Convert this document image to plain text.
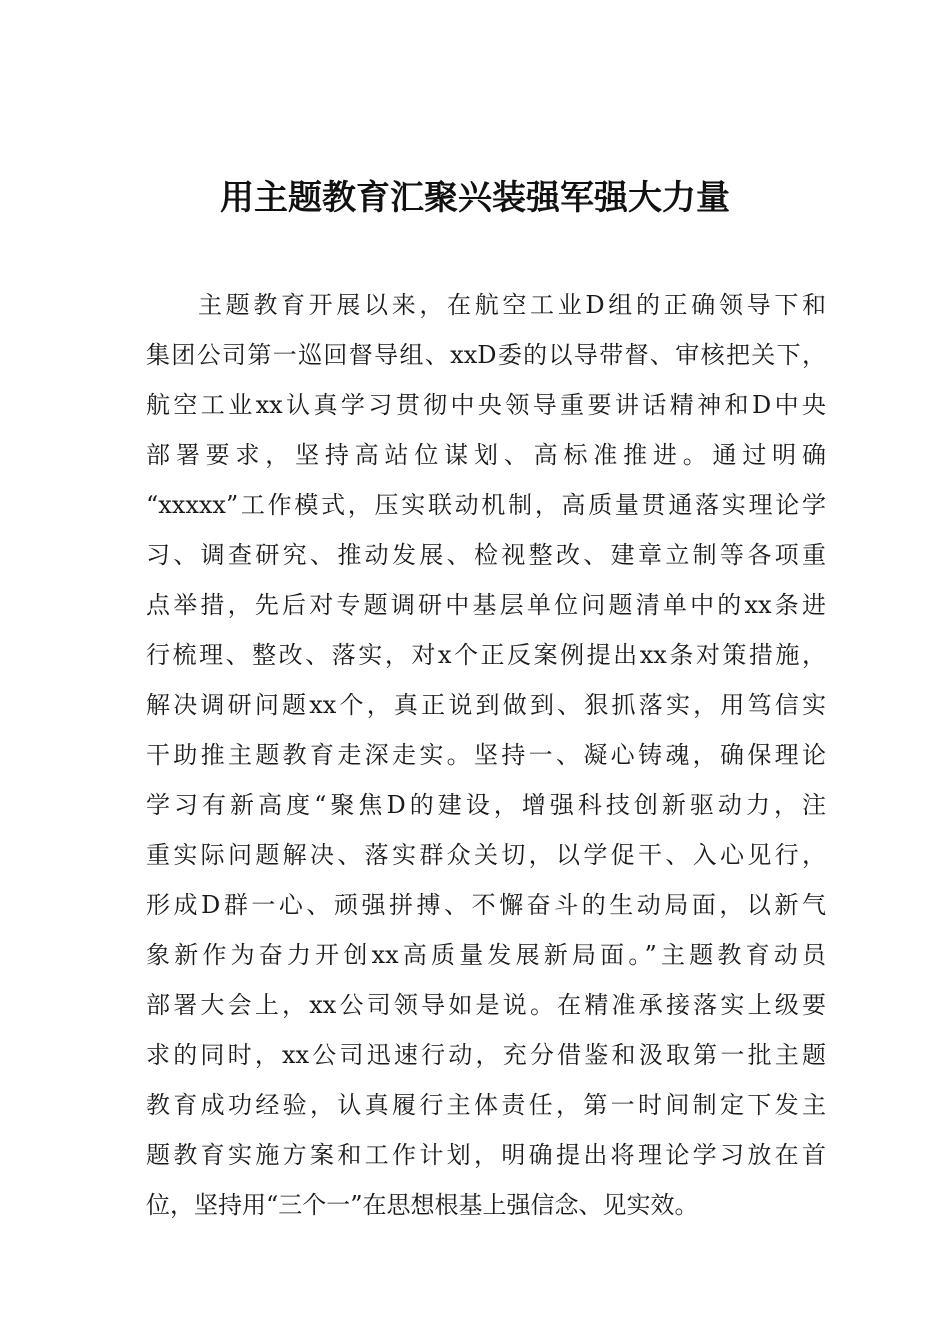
用主题教育汇聚兴装强军强大力量
主题教育开展以来，在航空工业D组的正确领导下和
集团公司第一巡回督导组、xxD委的以导带督、审核把关下，
航空工业xx认真学习贯彻中央领导重要讲话精神和D中央
部署要求，坚持高站位谋划、高标准推进。通过明确
“xxxxx”工作模式，压实联动机制，高质量贯通落实理论学
习、调查研究、推动发展、检视整改、建章立制等各项重
点举措，先后对专题调研中基层单位问题清单中的xx条进
行梳理、整改、落实，对x个正反案例提出xx条对策措施，
解决调研问题xx个，真正说到做到、狠抓落实，用笃信实
干助推主题教育走深走实。坚持一、凝心铸魂，确保理论
学习有新高度“聚焦D的建设，增强科技创新驱动力，注
重实际问题解决、落实群众关切，以学促干、入心见行，
形成D群一心、顽强拼搏、不懈奋斗的生动局面，以新气
象新作为奋力开创xx高质量发展新局面。”主题教育动员
部署大会上，xx公司领导如是说。在精准承接落实上级要
求的同时，xx公司迅速行动，充分借鉴和汲取第一批主题
教育成功经验，认真履行主体责任，第一时间制定下发主
题教育实施方案和工作计划，明确提出将理论学习放在首
位，坚持用“三个一”在思想根基上强信念、见实效。
